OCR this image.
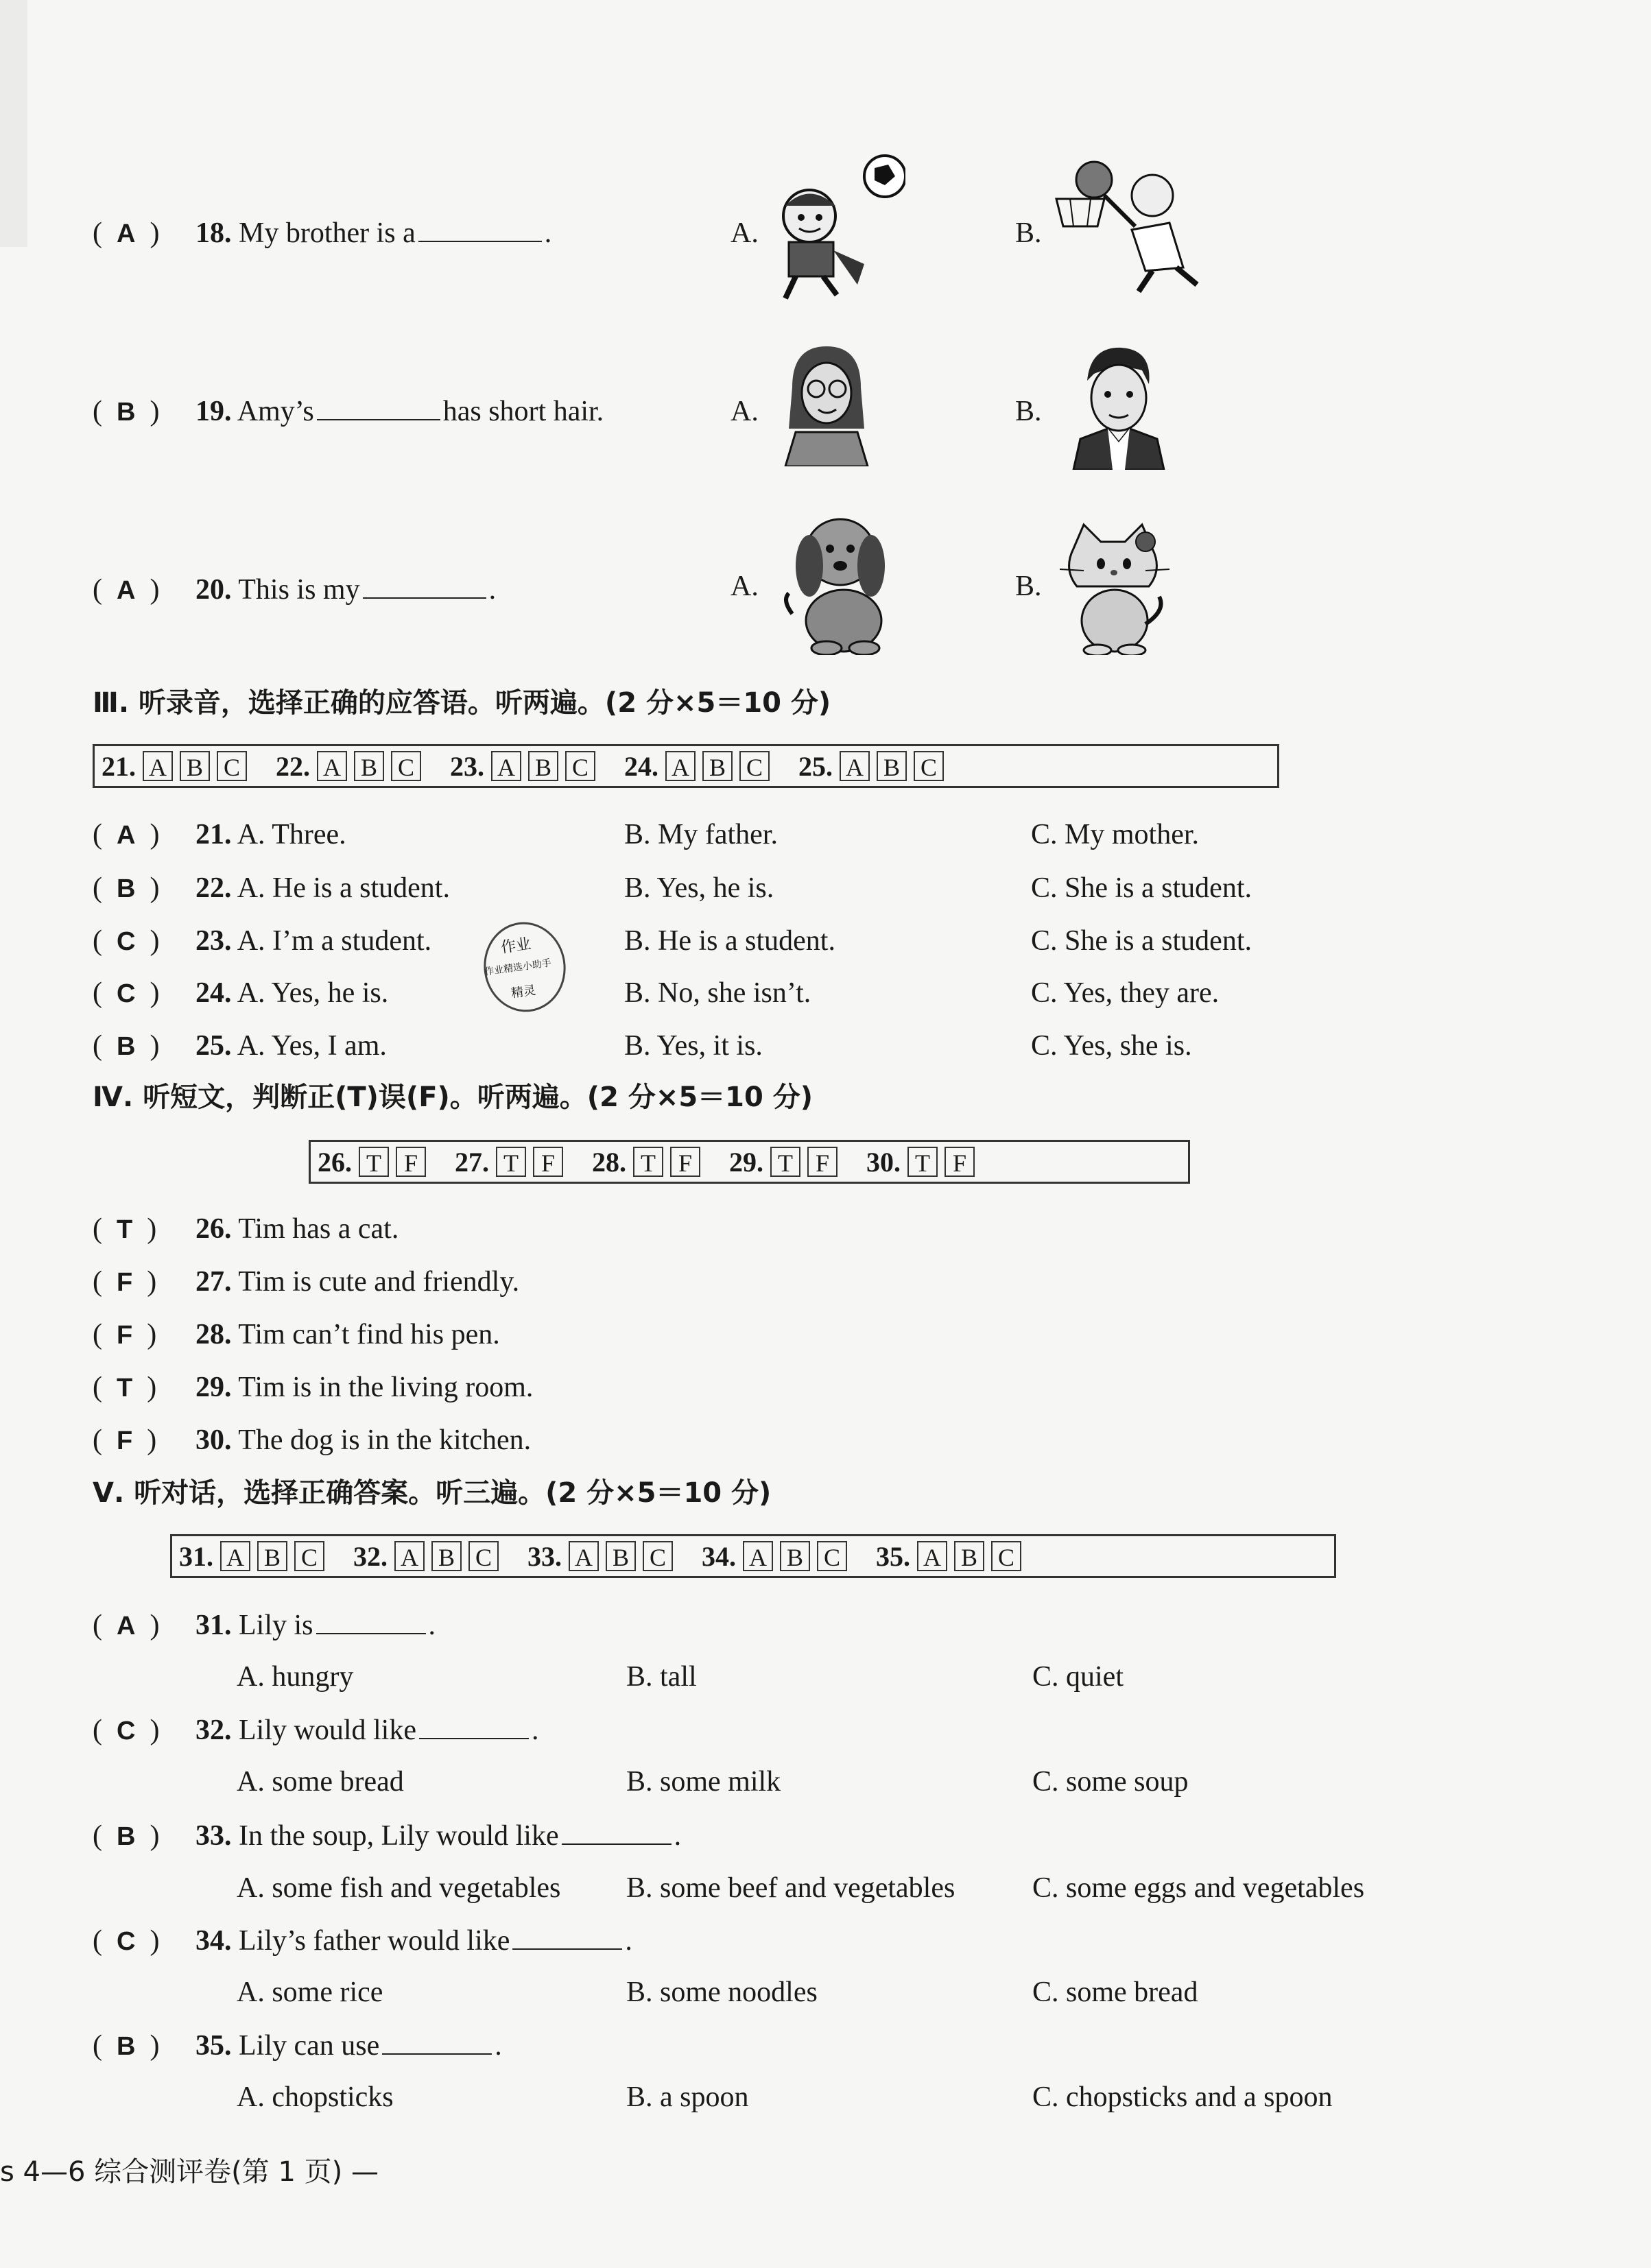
(  A  ) 18. My brother is a	.	A.	B.
(  B  ) 19. Amy’s	has short hair.	A.	B.
(  A  ) 20. This is my	.	A.	B.
Ⅲ. 听录音，选择正确的应答语。听两遍。(2 分×5＝10 分)
21. A B C 22. A B C 23. A B C 24. A B C 25. A B C
(  A  ) 21. A. Three.	B. My father.	C. My mother.
(  B  ) 22. A. He is a student.	B. Yes, he is.	C. She is a student.
(  C  ) 23. A. I’m a student.	B. He is a student.	C. She is a student.
(  C  ) 24. A. Yes, he is.	B. No, she isn’t.	C. Yes, they are.
(  B  ) 25. A. Yes, I am.	B. Yes, it is.	C. Yes, she is.
作业
作业精选小助手
精灵
Ⅳ. 听短文，判断正(T)误(F)。听两遍。(2 分×5＝10 分)
26. T F 27. T F 28. T F 29. T F 30. T F
(  T  ) 26. Tim has a cat.
(  F  ) 27. Tim is cute and friendly.
(  F  ) 28. Tim can’t find his pen.
(  T  ) 29. Tim is in the living room.
(  F  ) 30. The dog is in the kitchen.
Ⅴ. 听对话，选择正确答案。听三遍。(2 分×5＝10 分)
31. A B C 32. A B C 33. A B C 34. A B C 35. A B C
(  A  ) 31. Lily is	.
A. hungry	B. tall	C. quiet
(  C  ) 32. Lily would like	.
A. some bread	B. some milk	C. some soup
(  B  ) 33. In the soup, Lily would like	.
A. some fish and vegetables B. some beef and vegetables	C. some eggs and vegetables
(  C  ) 34. Lily’s father would like	.
A. some rice	B. some noodles	C. some bread
(  B  ) 35. Lily can use	.
A. chopsticks	B. a spoon	C. chopsticks and a spoon
s 4—6 综合测评卷(第 1 页) —
